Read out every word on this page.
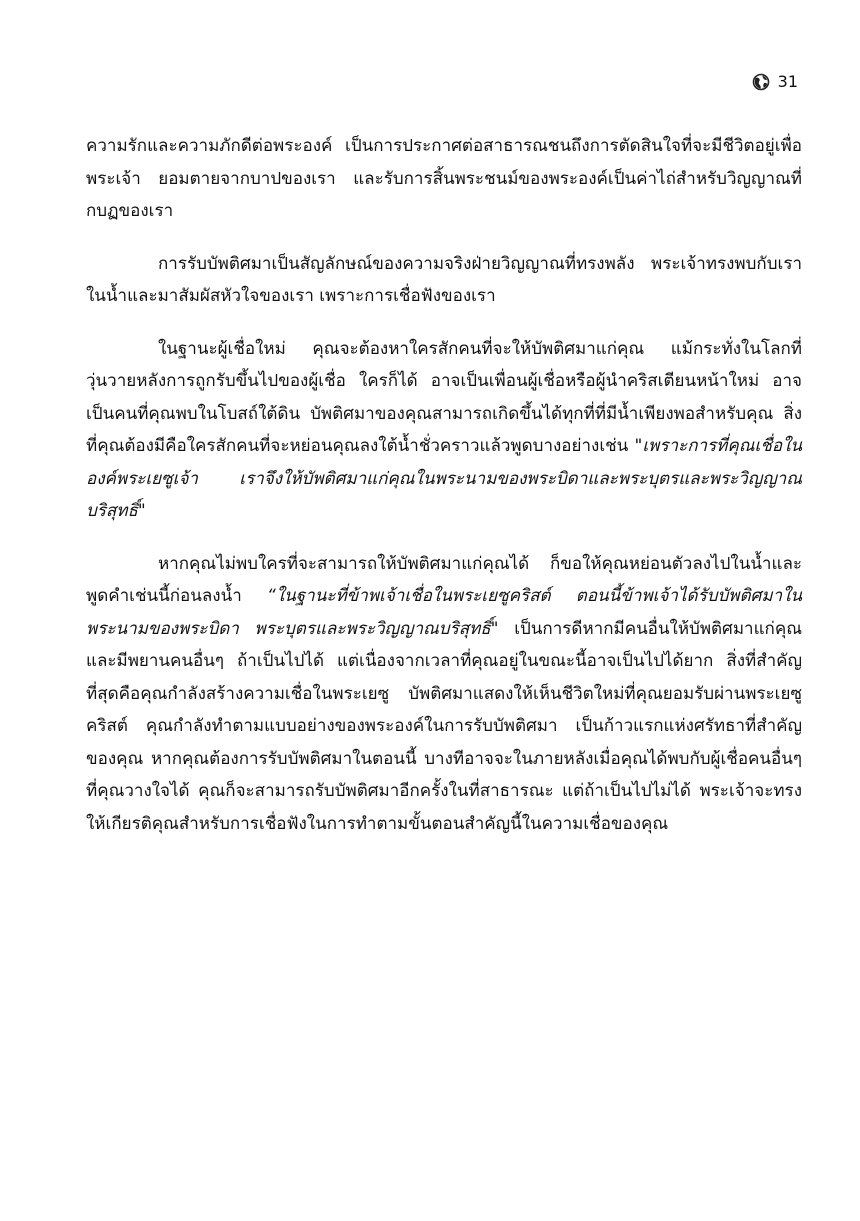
31

ความรักและความภักดีต่อพระองค์ เป็นการประกาศต่อสาธารณชนถึงการตัดสินใจที่จะมีชีวิตอยู่เพื่อพระเจ้า ยอมตายจากบาปของเรา และรับการสิ้นพระชนม์ของพระองค์เป็นค่าไถ่สำหรับวิญญาณที่กบฏของเรา

การรับบัพติศมาเป็นสัญลักษณ์ของความจริงฝ่ายวิญญาณที่ทรงพลัง พระเจ้าทรงพบกับเราในน้ำและมาสัมผัสหัวใจของเรา เพราะการเชื่อฟังของเรา

ในฐานะผู้เชื่อใหม่ คุณจะต้องหาใครสักคนที่จะให้บัพติศมาแก่คุณ แม้กระทั่งในโลกที่วุ่นวายหลังการถูกรับขึ้นไปของผู้เชื่อ ใครก็ได้ อาจเป็นเพื่อนผู้เชื่อหรือผู้นำคริสเตียนหน้าใหม่ อาจเป็นคนที่คุณพบในโบสถ์ใต้ดิน บัพติศมาของคุณสามารถเกิดขึ้นได้ทุกที่ที่มีน้ำเพียงพอสำหรับคุณ สิ่งที่คุณต้องมีคือใครสักคนที่จะหย่อนคุณลงใต้น้ำชั่วคราวแล้วพูดบางอย่างเช่น "เพราะการที่คุณเชื่อในองค์พระเยซูเจ้า เราจึงให้บัพติศมาแก่คุณในพระนามของพระบิดาและพระบุตรและพระวิญญาณบริสุทธิ์"

หากคุณไม่พบใครที่จะสามารถให้บัพติศมาแก่คุณได้ ก็ขอให้คุณหย่อนตัวลงไปในน้ำและพูดคำเช่นนี้ก่อนลงน้ำ “ในฐานะที่ข้าพเจ้าเชื่อในพระเยซูคริสต์ ตอนนี้ข้าพเจ้าได้รับบัพติศมาในพระนามของพระบิดา พระบุตรและพระวิญญาณบริสุทธิ์" เป็นการดีหากมีคนอื่นให้บัพติศมาแก่คุณและมีพยานคนอื่นๆ ถ้าเป็นไปได้ แต่เนื่องจากเวลาที่คุณอยู่ในขณะนี้อาจเป็นไปได้ยาก สิ่งที่สำคัญที่สุดคือคุณกำลังสร้างความเชื่อในพระเยซู บัพติศมาแสดงให้เห็นชีวิตใหม่ที่คุณยอมรับผ่านพระเยซูคริสต์ คุณกำลังทำตามแบบอย่างของพระองค์ในการรับบัพติศมา เป็นก้าวแรกแห่งศรัทธาที่สำคัญของคุณ หากคุณต้องการรับบัพติศมาในตอนนี้ บางทีอาจจะในภายหลังเมื่อคุณได้พบกับผู้เชื่อคนอื่นๆ ที่คุณวางใจได้ คุณก็จะสามารถรับบัพติศมาอีกครั้งในที่สาธารณะ แต่ถ้าเป็นไปไม่ได้ พระเจ้าจะทรงให้เกียรติคุณสำหรับการเชื่อฟังในการทำตามขั้นตอนสำคัญนี้ในความเชื่อของคุณ
